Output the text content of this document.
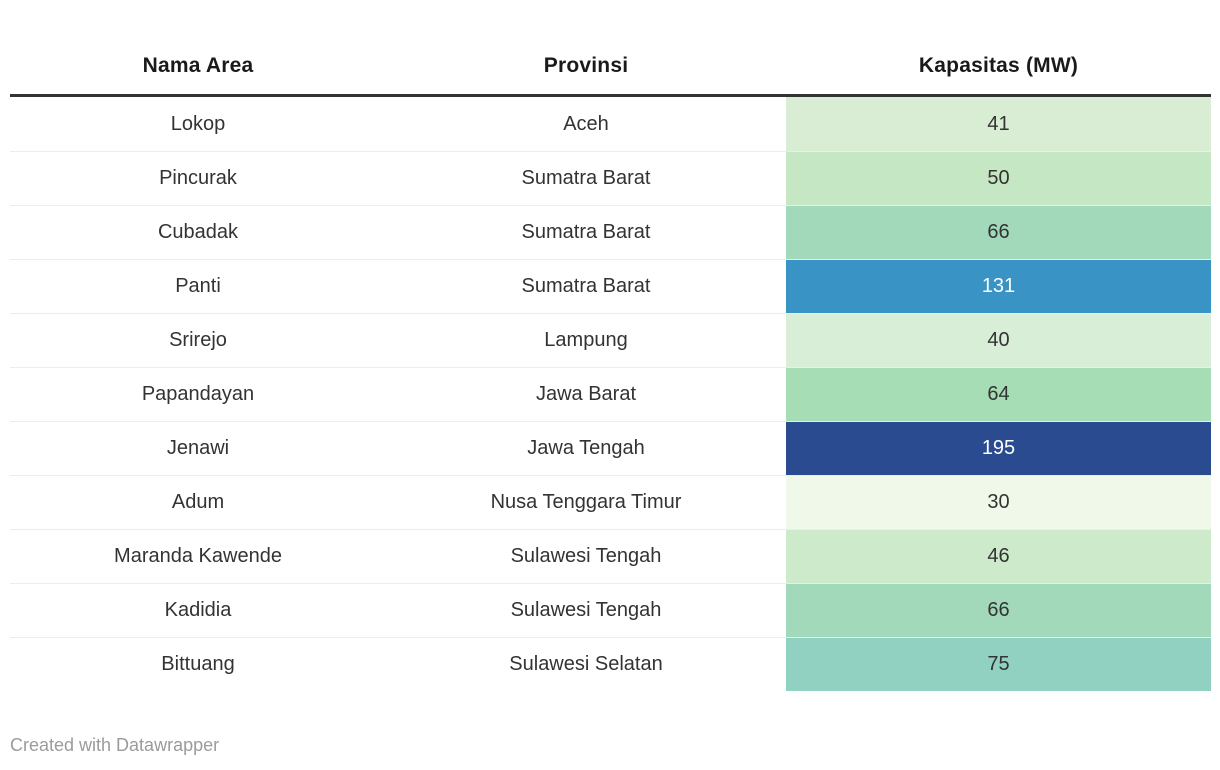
Nama Area	Provinsi	Kapasitas (MW)
Lokop	Aceh	41
Pincurak	Sumatra Barat	50
Cubadak	Sumatra Barat	66
Panti	Sumatra Barat	131
Srirejo	Lampung	40
Papandayan	Jawa Barat	64
Jenawi	Jawa Tengah	195
Adum	Nusa Tenggara Timur	30
Maranda Kawende	Sulawesi Tengah	46
Kadidia	Sulawesi Tengah	66
Bittuang	Sulawesi Selatan	75
Created with Datawrapper
